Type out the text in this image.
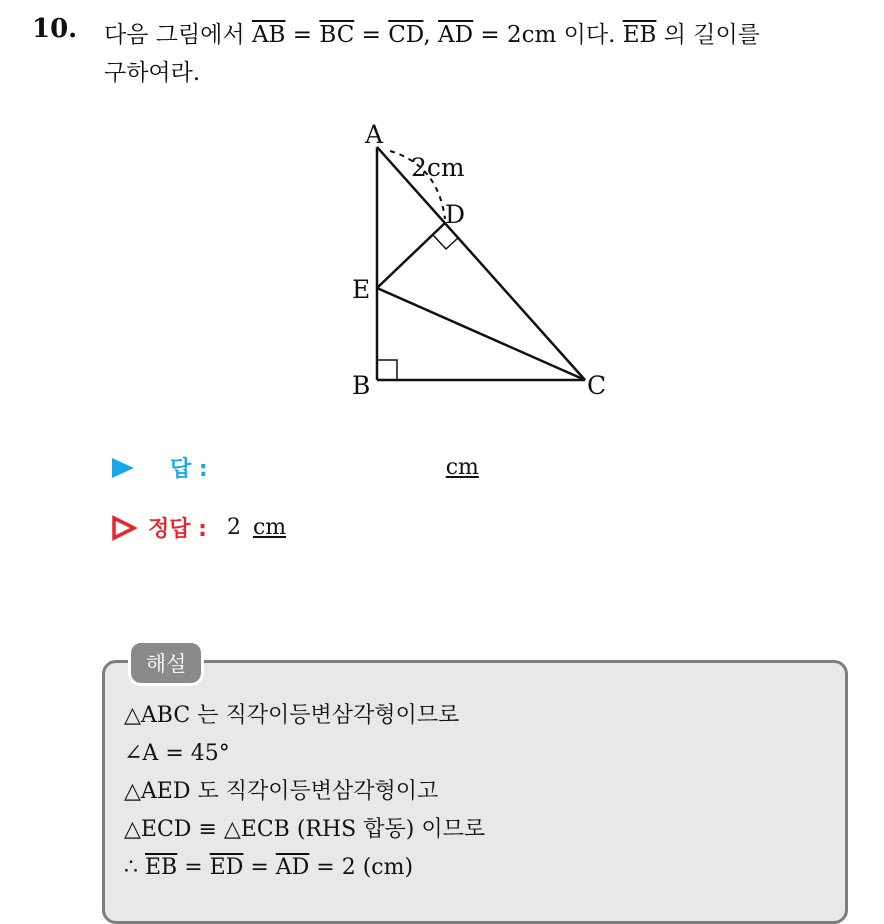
10. 다음 그림에서 $\overline{AB} = \overline{BC} = \overline{CD}$, $\overline{AD} = 2cm$ 이다. $\overline{EB}$ 의 길이를
구하여라.
A
2cm
D
E
B	C
답 :	cm
정답 : 2 cm
해설
△ABC 는 직각이등변삼각형이므로
∠A = 45°
△AED 도 직각이등변삼각형이고
△ECD ≡ △ECB (RHS 합동) 이므로
∴ $\overline{EB} = \overline{ED} = \overline{AD} = 2$ (cm)
